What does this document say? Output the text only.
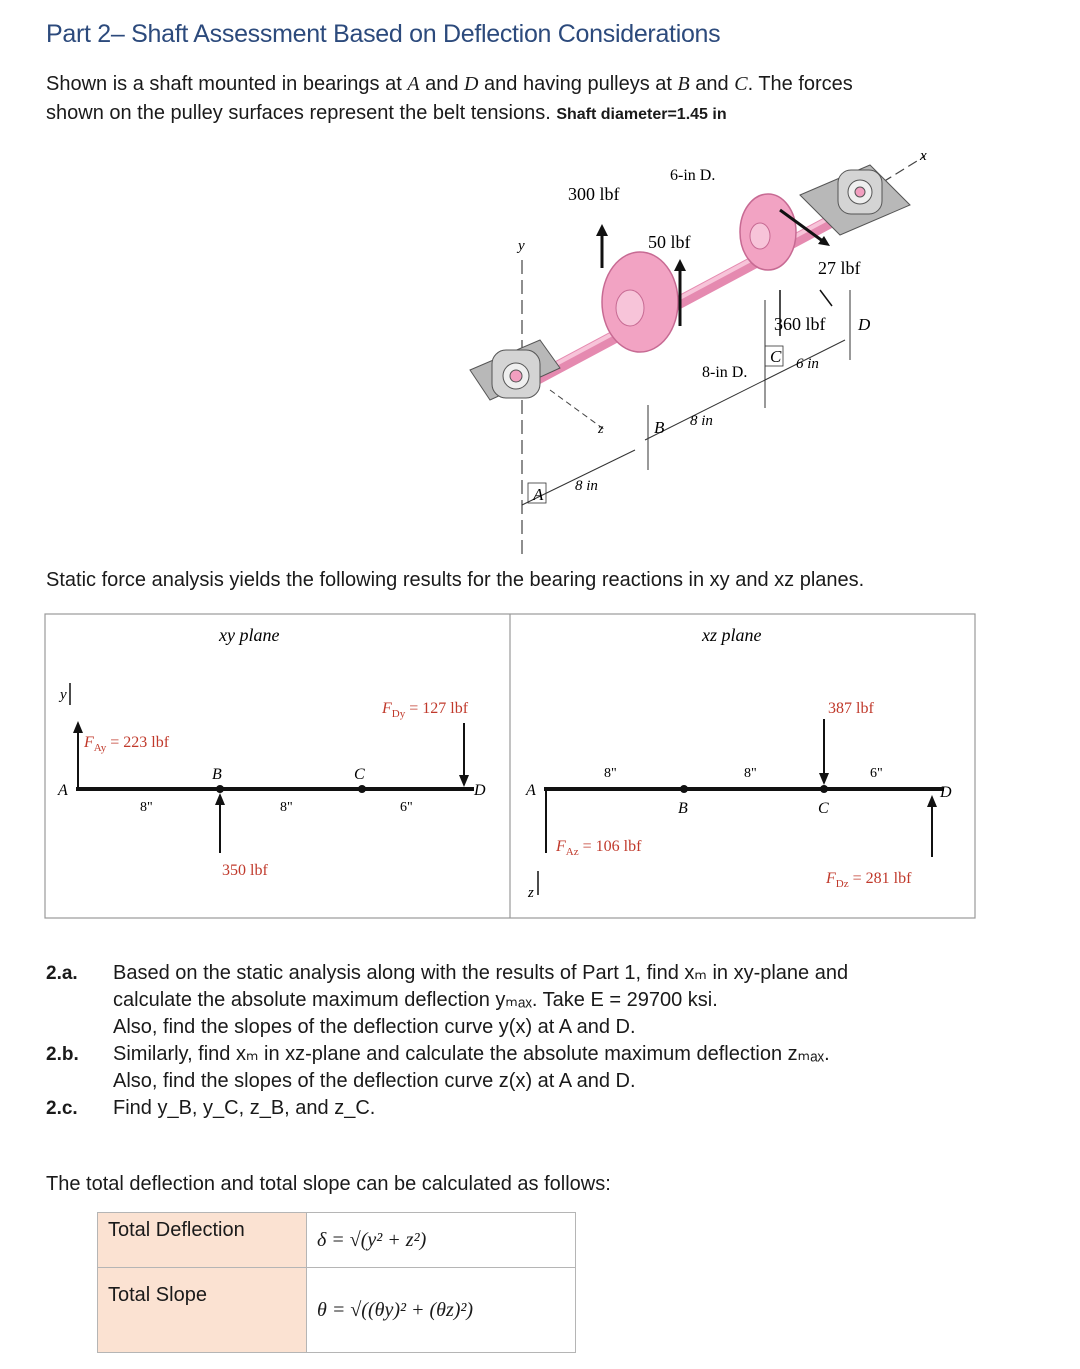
Part 2– Shaft Assessment Based on Deflection Considerations
Shown is a shaft mounted in bearings at A and D and having pulleys at B and C. The forces
shown on the pulley surfaces represent the belt tensions. Shaft diameter=1.45 in
y
x
z
300 lbf
50 lbf
27 lbf
360 lbf
6-in D.
8-in D.
8 in
8 in
6 in
A
B
C
D
Static force analysis yields the following results for the bearing reactions in xy and xz planes.
xy plane
y
$F_{Ay} = 223$ lbf
$F_{Dy} = 127$ lbf
350 lbf
A
B	C
D
8"	8"	6"
xz plane
z
$F_{Az} = 106$ lbf
387 lbf
$F_{Dz} = 281$ lbf
A
B	C
D
8"	8"	6"
2.a. Based on the static analysis along with the results of Part 1, find xₘ in xy-plane and
calculate the absolute maximum deflection yₘₐₓ. Take E = 29700 ksi.
Also, find the slopes of the deflection curve y(x) at A and D.
2.b. Similarly, find xₘ in xz-plane and calculate the absolute maximum deflection zₘₐₓ.
Also, find the slopes of the deflection curve z(x) at A and D.
2.c. Find y_B, y_C, z_B, and z_C.
The total deflection and total slope can be calculated as follows:
Total Deflection	δ = √(y² + z²)
Total Slope	θ = √((θy)² + (θz)²)
